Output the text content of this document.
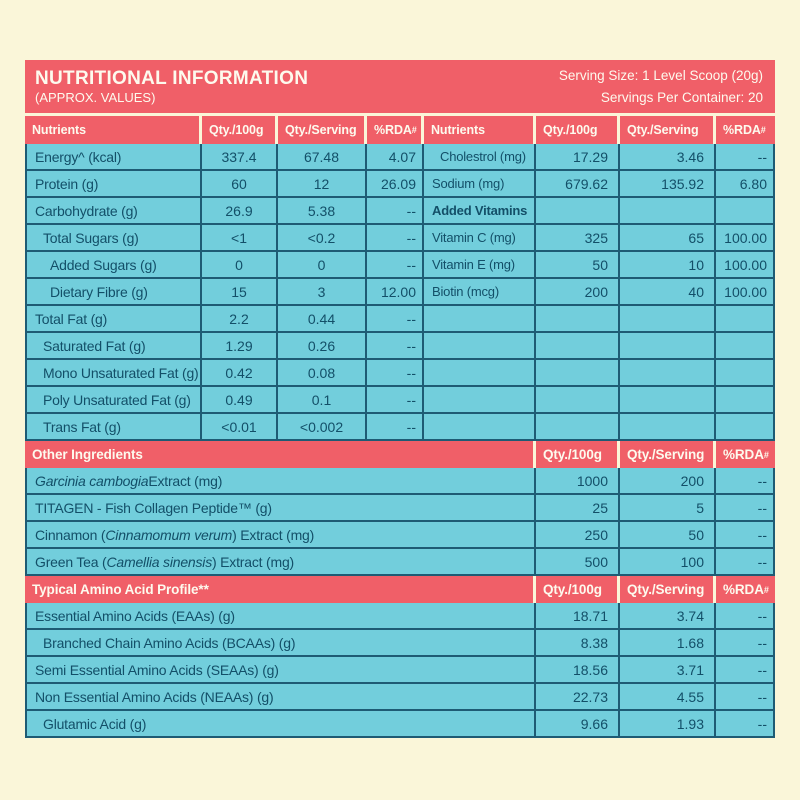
NUTRITIONAL INFORMATION
(APPROX. VALUES)
Serving Size: 1 Level Scoop (20g)
Servings Per Container: 20
Nutrients	Qty./100g	Qty./Serving	%RDA #	Nutrients	Qty./100g	Qty./Serving	%RDA #
Energy^ (kcal)	337.4	67.48	4.07	Cholestrol (mg)	17.29	3.46	--
Protein (g)	60	12	26.09	Sodium (mg)	679.62	135.92	6.80
Carbohydrate (g)	26.9	5.38	--	Added Vitamins
Total Sugars (g)	<1	<0.2	--	Vitamin C (mg)	325	65	100.00
Added Sugars (g)	0	0	--	Vitamin E (mg)	50	10	100.00
Dietary Fibre (g)	15	3	12.00	Biotin (mcg)	200	40	100.00
Total Fat (g)	2.2	0.44	--
Saturated Fat (g)	1.29	0.26	--
Mono Unsaturated Fat (g)	0.42	0.08	--
Poly Unsaturated Fat (g)	0.49	0.1	--
Trans Fat (g)	<0.01	<0.002	--
Other Ingredients	Qty./100g	Qty./Serving	%RDA #
Garcinia cambogia Extract (mg)	1000	200	--
TITAGEN - Fish Collagen Peptide™ (g)	25	5	--
Cinnamon ( Cinnamomum verum ) Extract (mg)	250	50	--
Green Tea ( Camellia sinensis ) Extract (mg)	500	100	--
Typical Amino Acid Profile**	Qty./100g	Qty./Serving	%RDA #
Essential Amino Acids (EAAs) (g)	18.71	3.74	--
Branched Chain Amino Acids (BCAAs) (g)	8.38	1.68	--
Semi Essential Amino Acids (SEAAs) (g)	18.56	3.71	--
Non Essential Amino Acids (NEAAs) (g)	22.73	4.55	--
Glutamic Acid (g)	9.66	1.93	--
